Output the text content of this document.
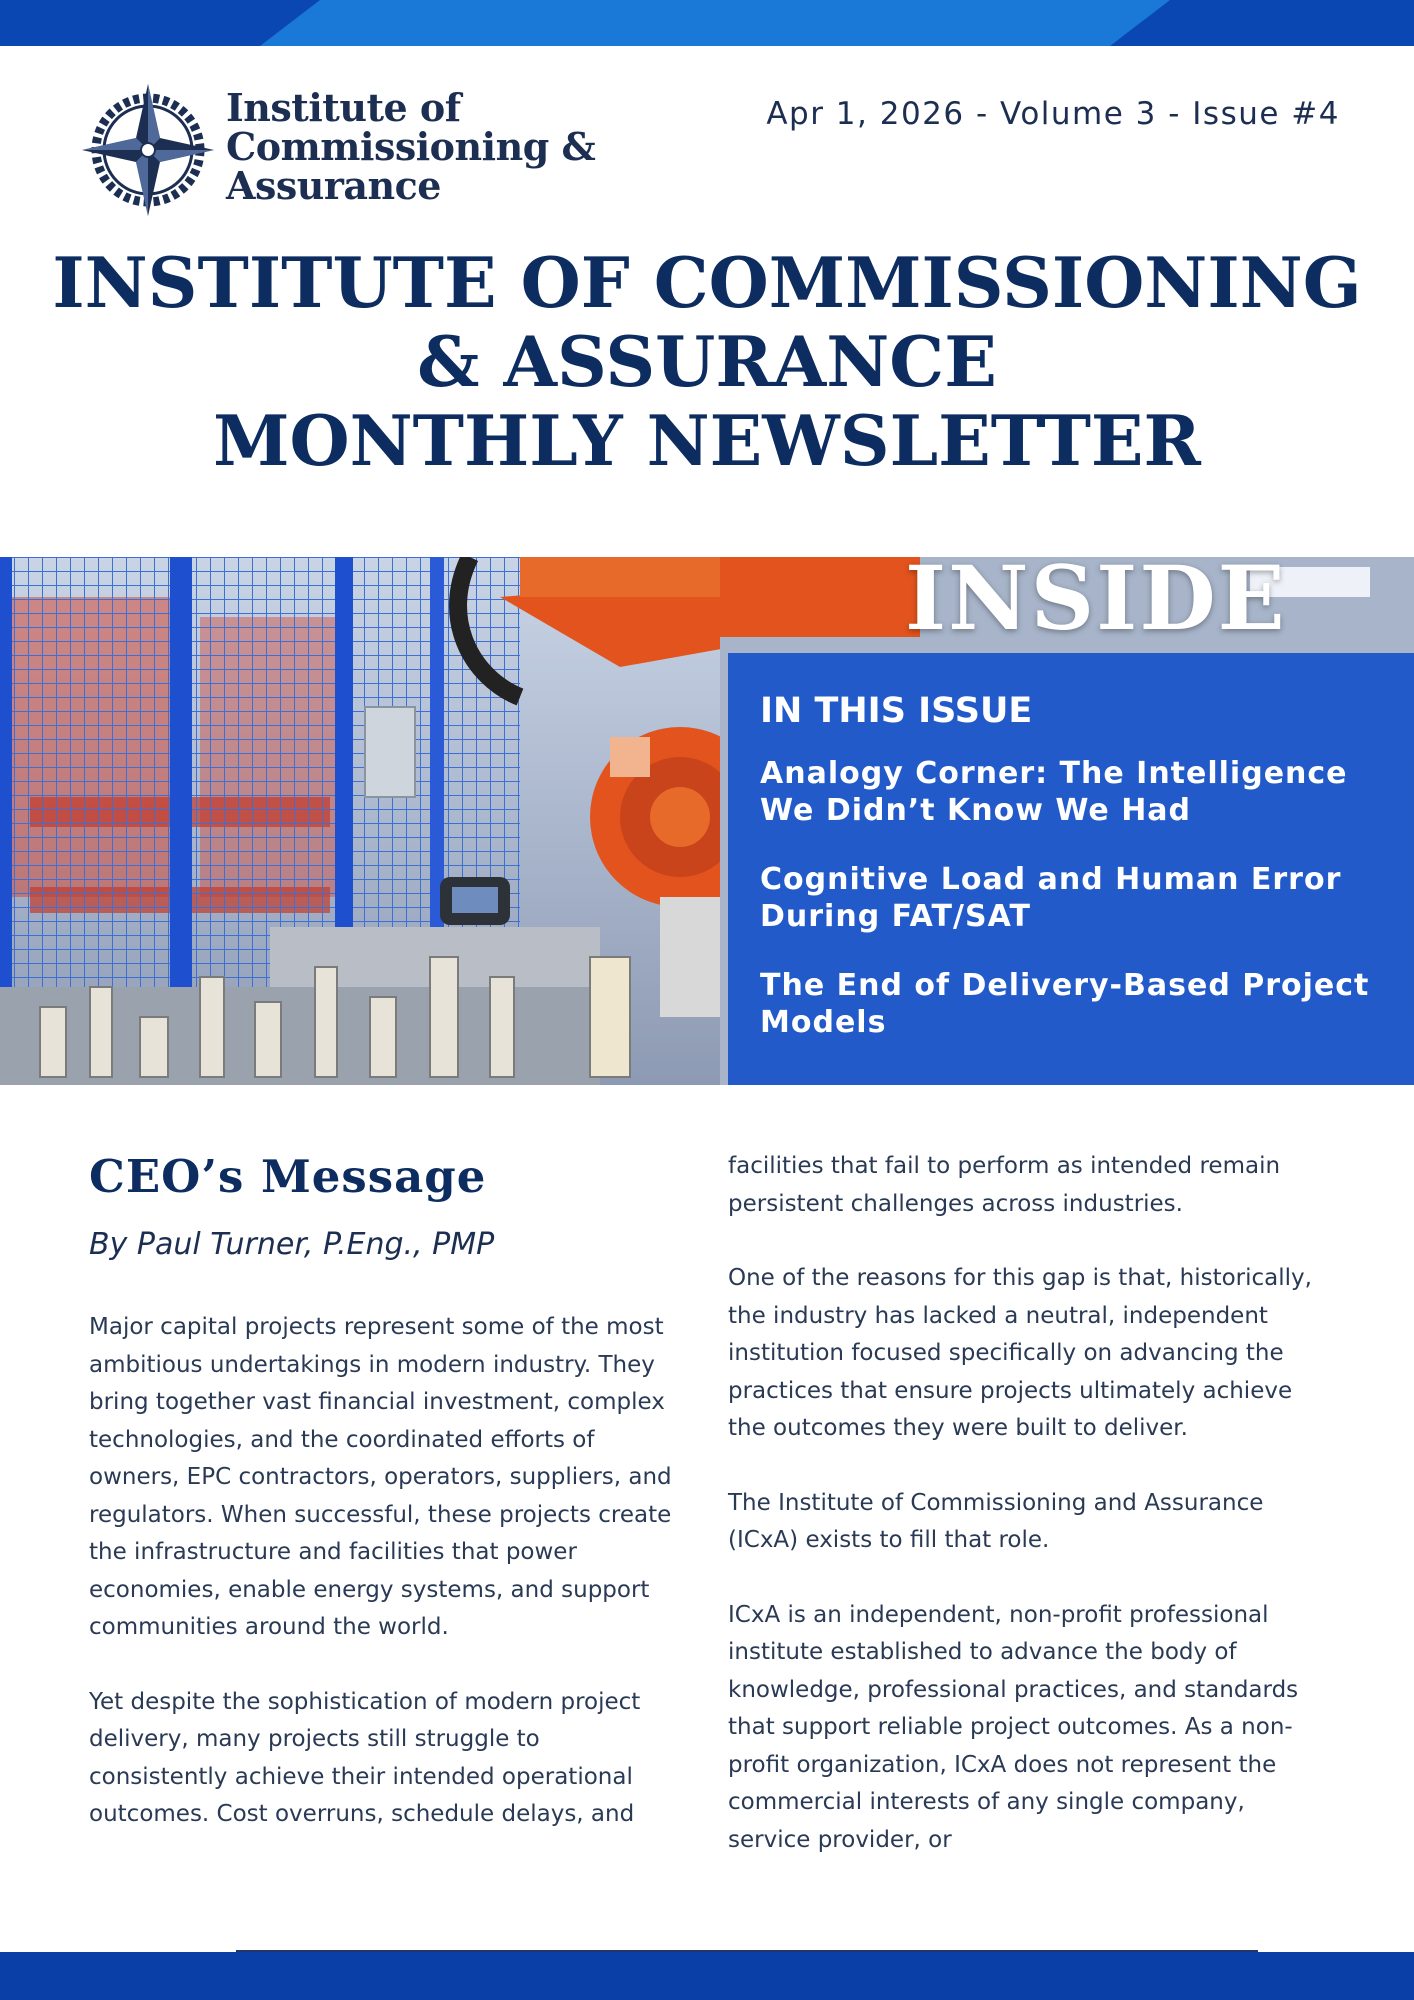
Institute of
Commissioning &
Assurance
Apr 1, 2026 - Volume 3 - Issue #4
INSTITUTE OF COMMISSIONING
& ASSURANCE
MONTHLY NEWSLETTER
INSIDE
IN THIS ISSUE
Analogy Corner: The Intelligence We Didn’t Know We Had
Cognitive Load and Human Error During FAT/SAT
The End of Delivery-Based Project Models
CEO’s Message
By Paul Turner, P.Eng., PMP

Major capital projects represent some of the most ambitious undertakings in modern industry. They bring together vast financial investment, complex technologies, and the coordinated efforts of owners, EPC contractors, operators, suppliers, and regulators. When successful, these projects create the infrastructure and facilities that power economies, enable energy systems, and support communities around the world.

Yet despite the sophistication of modern project delivery, many projects still struggle to consistently achieve their intended operational outcomes. Cost overruns, schedule delays, and

facilities that fail to perform as intended remain persistent challenges across industries.

One of the reasons for this gap is that, historically, the industry has lacked a neutral, independent institution focused specifically on advancing the practices that ensure projects ultimately achieve the outcomes they were built to deliver.

The Institute of Commissioning and Assurance (ICxA) exists to fill that role.

ICxA is an independent, non-profit professional institute established to advance the body of knowledge, professional practices, and standards that support reliable project outcomes. As a non-profit organization, ICxA does not represent the commercial interests of any single company, service provider, or
